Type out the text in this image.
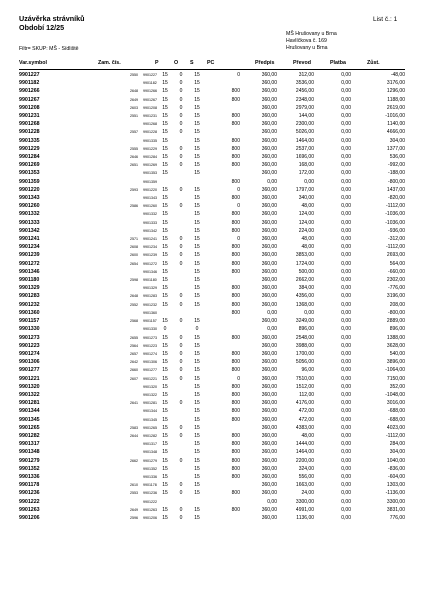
Uzávěrka strávníků
Období 12/25
List č.: 1
MŠ Hrušovany u Brna
Havlíčkova č. 169
Hrušovany u Brna
Filtr= SKUP: MŠ - Sídliště
Var.symbol	Zam. čís.	P	O S	PC	Předpis	Převod	Platba	Zůst.
9901227	2550	9901227	15	0	15	0	360,00	312,00	0,00	-48,00
9901182		9901182	15	0	15		360,00	3536,00	0,00	3176,00
9901266	2648	9901266	15	0	15	800	360,00	2456,00	0,00	1296,00
9901267	2649	9901267	15	0	15	800	360,00	2348,00	0,00	1188,00
9901208	2603	9901208	15	0	15		360,00	2979,00	0,00	2619,00
9901231	2551	9901231	15	0	15	800	360,00	144,00	0,00	-1016,00
9901268		9901268	15	0	15	800	360,00	2300,00	0,00	1140,00
9901228	2557	9901228	15	0	15		360,00	5026,00	0,00	4666,00
9901335		9901335	15		15	800	360,00	1464,00	0,00	304,00
9901229	2555	9901229	15	0	15	800	360,00	2537,00	0,00	1377,00
9901284	2646	9901284	15	0	15	800	360,00	1696,00	0,00	536,00
9901269	2651	9901269	15	0	15	800	360,00	168,00	0,00	-992,00
9901353		9901353	15		15		360,00	172,00	0,00	-188,00
9901359		9901359				800	0,00	0,00	0,00	-800,00
9901220	2593	9901220	15	0	15	0	360,00	1797,00	0,00	1437,00
9901343		9901343	15		15	800	360,00	340,00	0,00	-820,00
9901260	2586	9901260	15	0	15	0	360,00	48,00	0,00	-1112,00
9901332		9901332	15		15	800	360,00	124,00	0,00	-1036,00
9901333		9901333	15		15	800	360,00	124,00	0,00	-1036,00
9901342		9901342	15		15	800	360,00	224,00	0,00	-936,00
9901241	2571	9901241	15	0	15	0	360,00	48,00	0,00	-312,00
9901234	2608	9901234	15	0	15	800	360,00	48,00	0,00	-1112,00
9901239	2600	9901239	15	0	15	800	360,00	3853,00	0,00	2693,00
9901272	2654	9901272	15	0	15	800	360,00	1724,00	0,00	564,00
9901346		9901346	15		15	800	360,00	500,00	0,00	-660,00
9901180	2598	9901180	15		15		360,00	2662,00	0,00	2302,00
9901329		9901329	15		15	800	360,00	384,00	0,00	-776,00
9901283	2648	9901283	15	0	15	800	360,00	4356,00	0,00	3196,00
9901232	2552	9901232	15	0	15	800	360,00	1368,00	0,00	208,00
9901360		9901360				800	0,00	0,00	0,00	-800,00
9901157	2568	9901157	15	0	15		360,00	3249,00	0,00	2889,00
9901330		9901330	0		0		0,00	896,00	0,00	896,00
9901273	2655	9901273	15	0	15	800	360,00	2548,00	0,00	1388,00
9901223	2564	9901223	15	0	15		360,00	3988,00	0,00	3628,00
9901274	2657	9901274	15	0	15	800	360,00	1700,00	0,00	540,00
9901306	2642	9901306	15	0	15	800	360,00	5056,00	0,00	3896,00
9901277	2660	9901277	15	0	15	800	360,00	96,00	0,00	-1064,00
9901221	2607	9901221	15	0	15	0	360,00	7510,00	0,00	7150,00
9901320		9901320	15		15	800	360,00	1512,00	0,00	352,00
9901322		9901322	15		15	800	360,00	112,00	0,00	-1048,00
9901281	2641	9901281	15	0	15	800	360,00	4176,00	0,00	3016,00
9901344		9901344	15		15	800	360,00	472,00	0,00	-688,00
9901345		9901345	15		15	800	360,00	472,00	0,00	-688,00
9901265	2583	9901265	15	0	15		360,00	4383,00	0,00	4023,00
9901282	2644	9901282	15	0	15	800	360,00	48,00	0,00	-1112,00
9901317		9901317	15		15	800	360,00	1444,00	0,00	284,00
9901348		9901348	15		15	800	360,00	1464,00	0,00	304,00
9901279	2662	9901279	15	0	15	800	360,00	2200,00	0,00	1040,00
9901352		9901352	15		15	800	360,00	324,00	0,00	-836,00
9901336		9901336	15		15	800	360,00	556,00	0,00	-604,00
9901178	2610	9901178	15	0	15		360,00	1663,00	0,00	1303,00
9901236	2553	9901236	15	0	15	800	360,00	24,00	0,00	-1136,00
9901222		9901222					0,00	3300,00	0,00	3300,00
9901263	2649	9901263	15	0	15	800	360,00	4991,00	0,00	3831,00
9901206	2596	9901206	15	0	15		360,00	1136,00	0,00	776,00
